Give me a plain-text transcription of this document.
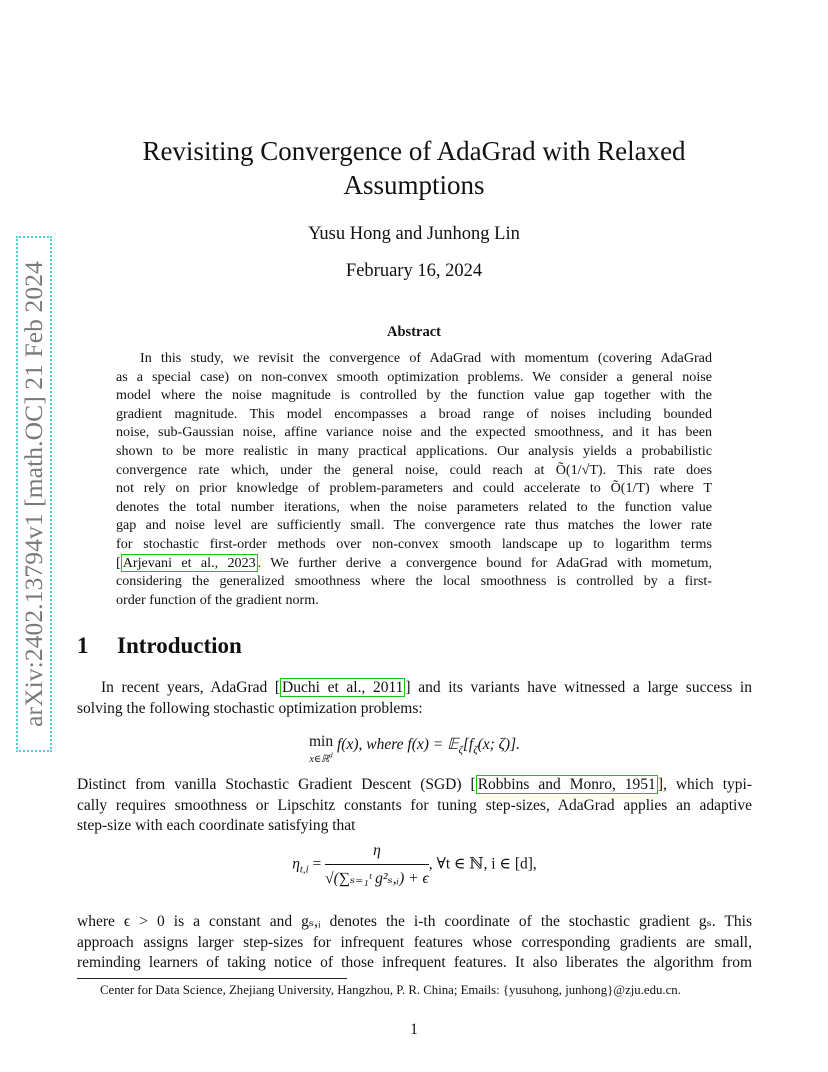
arXiv:2402.13794v1 [math.OC] 21 Feb 2024
Revisiting Convergence of AdaGrad with Relaxed
Assumptions
Yusu Hong and Junhong Lin
February 16, 2024
Abstract
In this study, we revisit the convergence of AdaGrad with momentum (covering AdaGrad
as a special case) on non-convex smooth optimization problems. We consider a general noise
model where the noise magnitude is controlled by the function value gap together with the
gradient magnitude. This model encompasses a broad range of noises including bounded
noise, sub-Gaussian noise, affine variance noise and the expected smoothness, and it has been
shown to be more realistic in many practical applications. Our analysis yields a probabilistic
convergence rate which, under the general noise, could reach at Õ(1/√T). This rate does
not rely on prior knowledge of problem-parameters and could accelerate to Õ(1/T) where T
denotes the total number iterations, when the noise parameters related to the function value
gap and noise level are sufficiently small. The convergence rate thus matches the lower rate
for stochastic first-order methods over non-convex smooth landscape up to logarithm terms
[ Arjevani et al., 2023 . We further derive a convergence bound for AdaGrad with mometum,
considering the generalized smoothness where the local smoothness is controlled by a first-
order function of the gradient norm.
1 Introduction
In recent years, AdaGrad [ Duchi et al., 2011 ] and its variants have witnessed a large success in
solving the following stochastic optimization problems:
min
x∈ℝ$^d$ f(x), where $f(x) = 𝔼_\zeta[f_\zeta(x$; ζ)].
Distinct from vanilla Stochastic Gradient Descent (SGD) [ Robbins and Monro, 1951 ], which typi-
cally requires smoothness or Lipschitz constants for tuning step-sizes, AdaGrad applies an adaptive
step-size with each coordinate satisfying that
$\eta_{t,i} = \frac{\eta}{\text{√(∑ₛ₌₁ᵗ g²ₛ,ᵢ) + ϵ}}$ , ∀t ∈ ℕ, i ∈ [d],
where ϵ > 0 is a constant and gₛ,ᵢ denotes the i-th coordinate of the stochastic gradient gₛ. This
approach assigns larger step-sizes for infrequent features whose corresponding gradients are small,
reminding learners of taking notice of those infrequent features. It also liberates the algorithm from
Center for Data Science, Zhejiang University, Hangzhou, P. R. China; Emails: {yusuhong, junhong}@zju.edu.cn.
1
